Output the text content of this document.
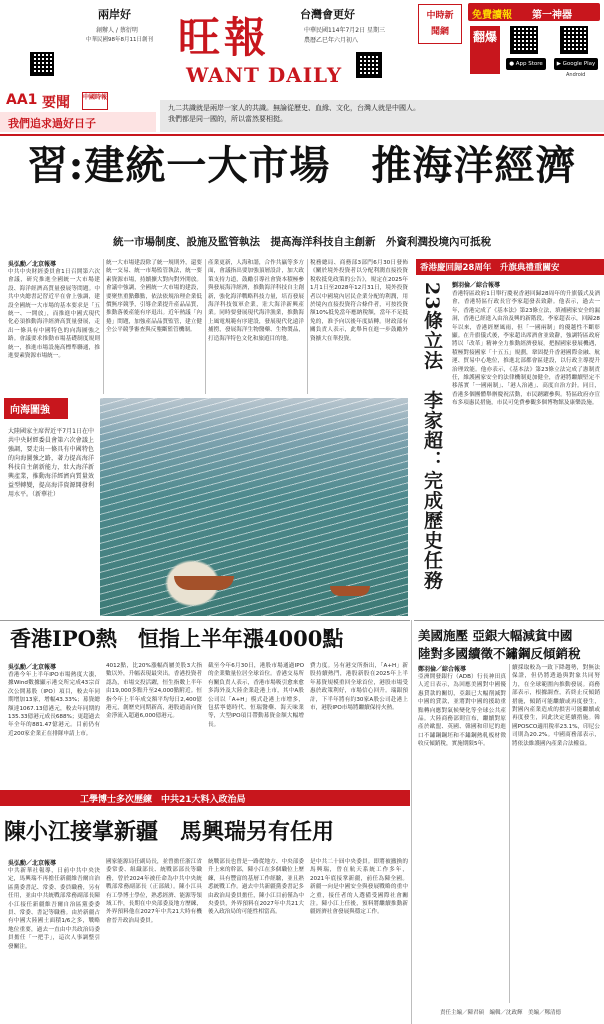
兩岸好	台灣會更好
創辦人 / 蔡衍明
中華民國98年8月11日創刊 旺報
WANT DAILY
中華民國114年7月2日 星期三
農曆乙巳年六月初八
中時新聞網
免費讀報 第一神器
翻爆
● App Store	▶ Google Play
Android
AA1 要聞 中國時報
我們追求過好日子
九二共識就是兩岸一家人的共識。無論從歷史、血緣、文化，台灣人就是中國人。
我們都是同一國的，所以當然要相挺。
習:建統一大市場　推海洋經濟
統一市場制度、設施及監管執法　提高海洋科技自主創新　外資利潤投境內可抵稅
吳弘勳／北京報導
中共中央財經委員會1日召開第六次會議，研究推進全國統一大市場建設、海洋經濟高質量發展等問題。中共中央總書記習近平在會上強調，建設全國統一大市場的基本要求是「五統一、一開放」，而推進中國式現代化必須推動海洋經濟高質量發展，走出一條具有中國特色的向海圖強之路。會議要求推動市場基礎制度規則統一，推進市場設施高標準聯通，推進要素資源市場統一。
統一大市場建設除了統一規則外，還要統一交易、統一市場監管執法，統一要素資源市場，持續擴大對內對外開放。會議中強調，全國統一大市場的建設，要聚焦重點難點，依法依規治理企業低價無序競爭，引導企業提升產品品質，推動落後產能有序退出。近年熱議「內捲」問題，加強產品品質監管，建立健全公平競爭審查與反壟斷監管機制。
產業更新，人海和諧，合作共贏等多方面，會議指出要加強頂層設計，加大政策支持力道，鼓勵引導社會資本積極參與發展海洋經濟，推動海洋科技自主創新，強化海洋戰略科技力量，培育發展海洋科技領軍企業，壯大海洋新興產業。同時要發展現代海洋漁業，推動海上風電規範有序建設，發展現代化遠洋捕撈，發展海洋生物醫藥、生物製品，打造海洋特色文化和旅遊目的地。
稅務總局、商務部3部門6月30日發佈《關於境外投資者以分配利潤直接投資稅收抵免政策的公告》，規定在2025年1月1日至2028年12月31日，境外投資者以中國境內居民企業分配的利潤，用於境內直接投資符合條件者，可按投資額10%抵免當年應納稅額，當年不足抵免的，准予向以後年度結轉。財政部有關負責人表示，此舉旨在進一步鼓勵外資擴大在華投資。
向海圖強
大陸國家主席習近平7月1日在中共中央財經委員會第六次會議上強調，要走出一條具有中國特色的向海圖強之路，著力提高海洋科技自主創新能力，壯大海洋新興產業，推動海洋經濟向質量效益型轉變，提高海洋資源開發利用水平。（新華社）
香港慶回歸28周年　升旗典禮重關安
23條立法　李家超：完成歷史任務 劉羽倫／綜合報導
香港特區政府1日舉行慶祝香港回歸28周年的升旗儀式及酒會，香港特區行政長官李家超發表致辭。他表示，過去一年，香港完成了《基本法》第23條立法，填補國家安全的漏洞，香港已經進入由治及興的新階段。李家超表示，回歸28年以來，香港經歷風雨，但「一國兩制」的優越性不斷彰顯。在升旗儀式後，李家超出席酒會並致辭，強調特區政府將以「改革」精神全力推動經濟發展，把握國家發展機遇，積極對接國家「十五五」規劃，鞏固提升香港國際金融、航運、貿易中心地位，推進北部都會區建設，以行政主導提升治理效能。他亦表示，《基本法》第23條立法完成了憲制責任，維護國家安全的法律機制更加健全，香港將繼續堅定不移落實「一國兩制」、「港人治港」、高度自治方針。同日，香港多個團體舉辦慶祝活動，市民踴躍參與。特區政府亦宣布多項惠民措施，市民可免費參觀多個博物館及康樂設施。
香港IPO熱　恒指上半年漲4000點
吳弘勳／北京報導
香港今年上半年IPO市場熱度大漲，據Wind數據顯示港交所完成43宗首次公開募股（IPO）項目，較去年同期增加13家，增幅43.33%；募資總額達1067.13億港元，較去年同期的135.33億港元成長688%；更超過去年全年的881.47億港元。目前仍有近200家企業正在排隊申請上市。
4012點，比20%漲幅尚屬美股3大指數以外，升幅表現最突出。香港投資者認為，市場交投活躍，恒生指數上半年由19,000多點升至24,000點附近。恒指今年上半年成交額平均每日2,400億港元，創歷史同期新高，港股通南向資金淨流入超過6,000億港元。
截至今年6月30日，港股市場通過IPO的企業數量位居全球首位。香港交易所有關負責人表示，香港市場吸引愈來愈多海外及大陸企業赴港上市，其中A股公司以「A+H」模式赴港上市增多，包括寧德時代、恒瑞醫藥、海天味業等，大型IPO項目帶動募資金額大幅增長。
費力度。另有港交所指出，「A+H」新股持續熱門，港股新股在2025年上半年募資規模重回全球首位，港股市場受惠於政策利好，市場信心回升。瑞銀預計，下半年將有約30家A股公司赴港上市，港股IPO市場將繼續保持火熱。
美國施壓 亞銀大幅減貧中國
陸對多國續徵不鏽鋼反傾銷稅
鄭羽倫／綜合報導
亞洲開發銀行（ADB）行長神田真人近日表示，為回應美國對中國優惠貸款的關切，亞銀已大幅削減對中國的貸款，並將對中國的援助重點轉向應對氣候變化等全球公共產品。大陸商務部則宣布，繼續對原產於歐盟、英國、韓國和印尼的進口不鏽鋼鋼坯和不鏽鋼熱軋板材徵收反傾銷稅，實施期限5年。
續採取較為一致下降趨勢，對無法保證，但仍將透過與對象共同努力，在全球範圍內推動發展。商務部表示，根據調查，若終止反傾銷措施，傾銷可能繼續或再度發生，對國內產業造成的損害可能繼續或再度發生，因此決定延續措施。韓國POSCO適用稅率23.1%，印尼公司則為20.2%。中國商務部表示，將依法維護國內產業合法權益。
責任主編／陳君碩　編輯／沈政輝　美編／鄭清德
工學博士多次歷練　中共21大料入政治局
陳小江接掌新疆　馬興瑞另有任用
吳弘勳／北京報導
中共新華社報導，日前中共中央決定，馬興瑞不再擔任新疆維吾爾自治區黨委書記、常委、委員職務，另有任用，並由中共統戰部常務副部長陳小江接任新疆維吾爾自治區黨委委員、常委、書記等職務。由於新疆占有中國大陸國土面積1/6之多，戰略地位重要，過去一直由中共政治局委員擔任「一把手」，這次人事調整引發關注。
國家能源局任副局長，並曾擔任浙江省委常委、組織部長、統戰部部長等職務，曾於2024年被任命為中共中央統戰部常務副部長（正部級）。陳小江具有工學博士學位，熟悉經濟、能源等領域工作，長期在中央部委及地方歷練，外界預料他在2027年中共21大時有機會晉升政治局委員。
統戰部長也曾是一路從地方、中央部委升上來的幹部，陳小江在多個職位上歷練，具有豐富的基層工作經驗，並且熟悉統戰工作。過去中共新疆黨委書記多由政治局委員擔任，陳小江目前僅為中央委員，外界預料在2027年中共21大後入政治局的可能性相當高。
是中共二十屆中央委員。即將被撤換的馬興瑞，曾在航天系統工作多年，2021年底接掌新疆，前任為陳全國。新疆一向是中國安全與發展戰略的重中之重，接任者的人選備受國際社會關注。陳小江上任後，預料將繼續推動新疆經濟社會發展與穩定工作。
